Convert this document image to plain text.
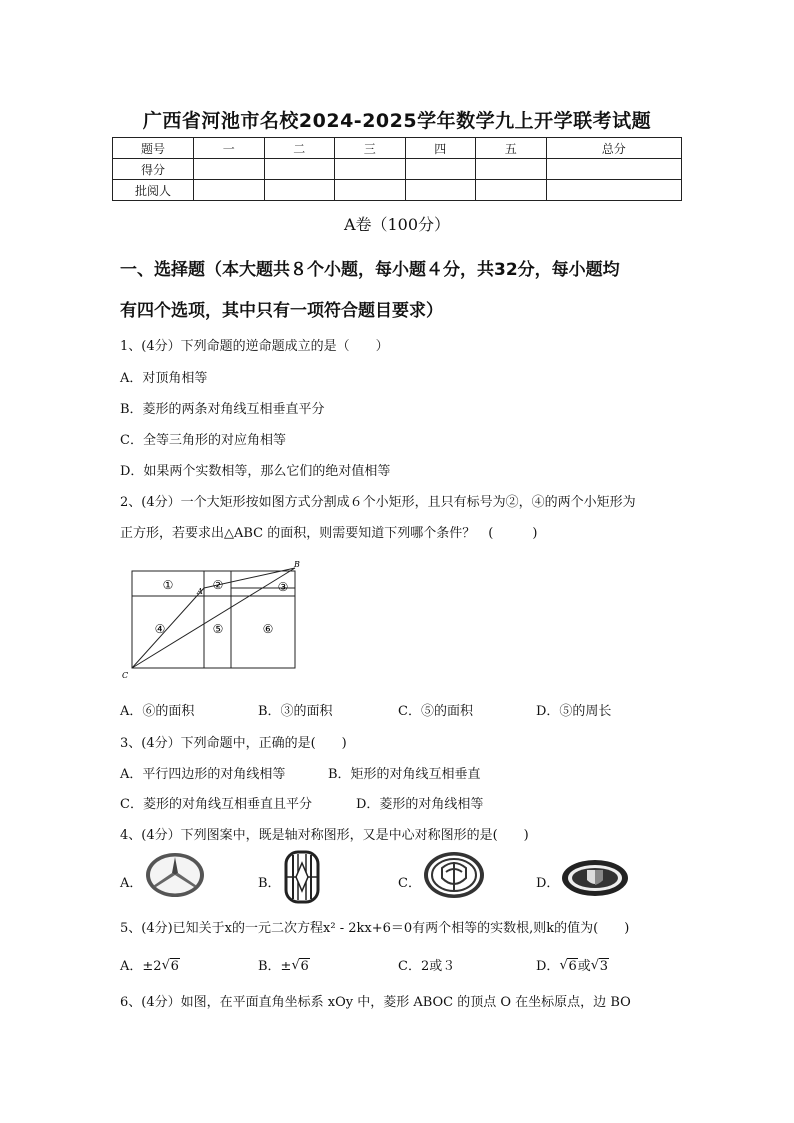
广西省河池市名校2024-2025学年数学九上开学联考试题
题号	一	二	三	四	五	总分
得分						
批阅人						
A卷（100分）
一、选择题（本大题共８个小题，每小题４分，共32分，每小题均
有四个选项，其中只有一项符合题目要求）
1、(4分）下列命题的逆命题成立的是（　　）
A．对顶角相等
B．菱形的两条对角线互相垂直平分
C．全等三角形的对应角相等
D．如果两个实数相等，那么它们的绝对值相等
2、(4分）一个大矩形按如图方式分割成６个小矩形，且只有标号为②，④的两个小矩形为
正方形，若要求出△ABC 的面积，则需要知道下列哪个条件？　(　　　)
①	②	③
④	⑤	⑥
A
B
C
A．⑥的面积	B．③的面积	C．⑤的面积	D．⑤的周长
3、(4分）下列命题中，正确的是(　　)
A．平行四边形的对角线相等	B．矩形的对角线互相垂直
C．菱形的对角线互相垂直且平分	D．菱形的对角线相等
4、(4分）下列图案中，既是轴对称图形，又是中心对称图形的是(　　)
A．	B．	C．	D．
5、(4分)已知关于x的一元二次方程x² - 2kx+6＝0有两个相等的实数根,则k的值为(　　)
A．±2 √ 6	B．± √ 6	C．2或３	D． √ 6或 √ 3
6、(4分）如图，在平面直角坐标系 xOy 中，菱形 ABOC 的顶点 O 在坐标原点，边 BO
